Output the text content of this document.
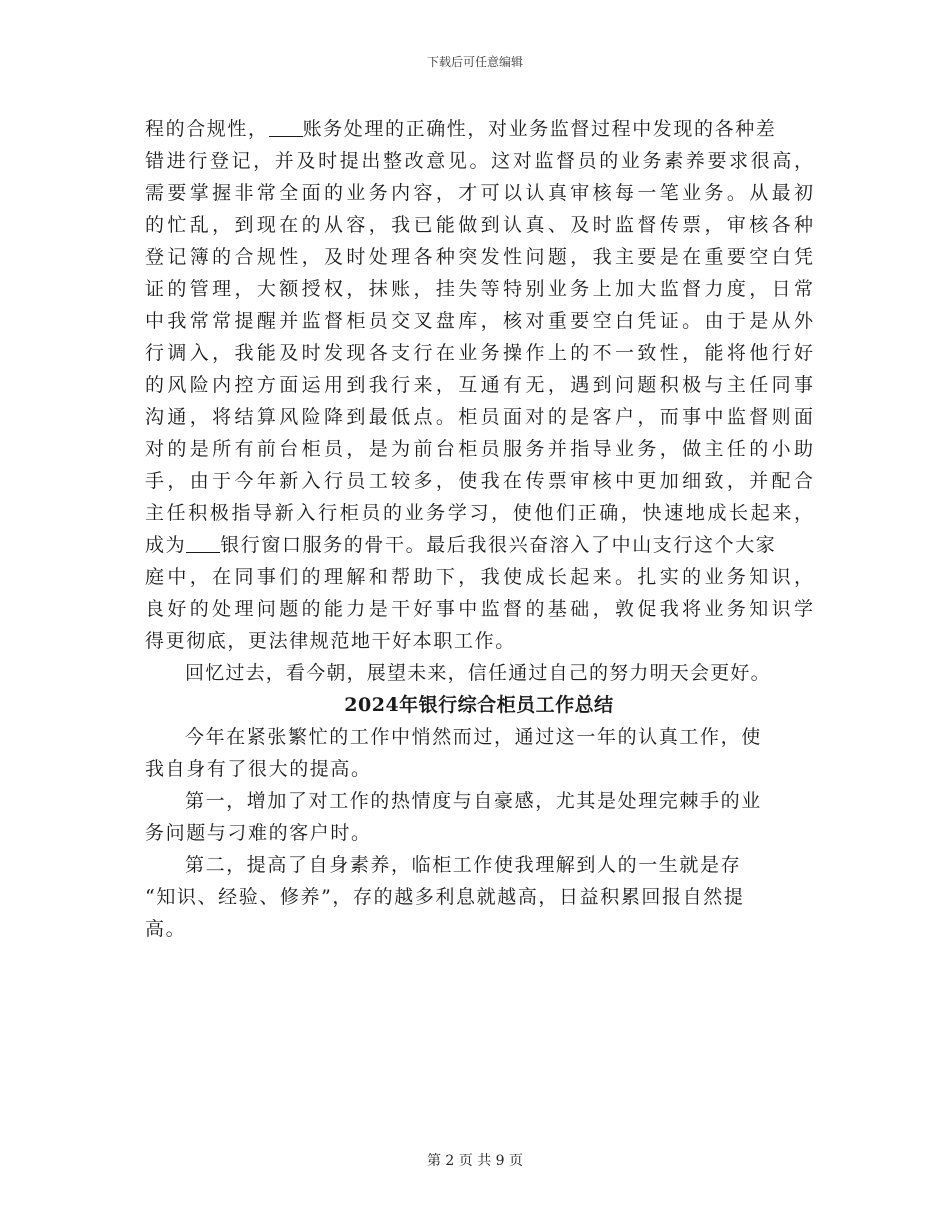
下载后可任意编辑
程的合规性， 账务处理的正确性，对业务监督过程中发现的各种差
错进行登记，并及时提出整改意见。这对监督员的业务素养要求很高，
需要掌握非常全面的业务内容，才可以认真审核每一笔业务。从最初
的忙乱，到现在的从容，我已能做到认真、及时监督传票，审核各种
登记簿的合规性，及时处理各种突发性问题，我主要是在重要空白凭
证的管理，大额授权，抹账，挂失等特别业务上加大监督力度，日常
中我常常提醒并监督柜员交叉盘库，核对重要空白凭证。由于是从外
行调入，我能及时发现各支行在业务操作上的不一致性，能将他行好
的风险内控方面运用到我行来，互通有无，遇到问题积极与主任同事
沟通，将结算风险降到最低点。柜员面对的是客户，而事中监督则面
对的是所有前台柜员，是为前台柜员服务并指导业务，做主任的小助
手，由于今年新入行员工较多，使我在传票审核中更加细致，并配合
主任积极指导新入行柜员的业务学习，使他们正确，快速地成长起来，
成为 银行窗口服务的骨干。最后我很兴奋溶入了中山支行这个大家
庭中，在同事们的理解和帮助下，我使成长起来。扎实的业务知识，
良好的处理问题的能力是干好事中监督的基础，敦促我将业务知识学
得更彻底，更法律规范地干好本职工作。
回忆过去，看今朝，展望未来，信任通过自己的努力明天会更好。
2024年银行综合柜员工作总结
今年在紧张繁忙的工作中悄然而过，通过这一年的认真工作，使
我自身有了很大的提高。
第一，增加了对工作的热情度与自豪感，尤其是处理完棘手的业
务问题与刁难的客户时。
第二，提高了自身素养，临柜工作使我理解到人的一生就是存
“知识、经验、修养”，存的越多利息就越高，日益积累回报自然提
高。
第 2 页 共 9 页
